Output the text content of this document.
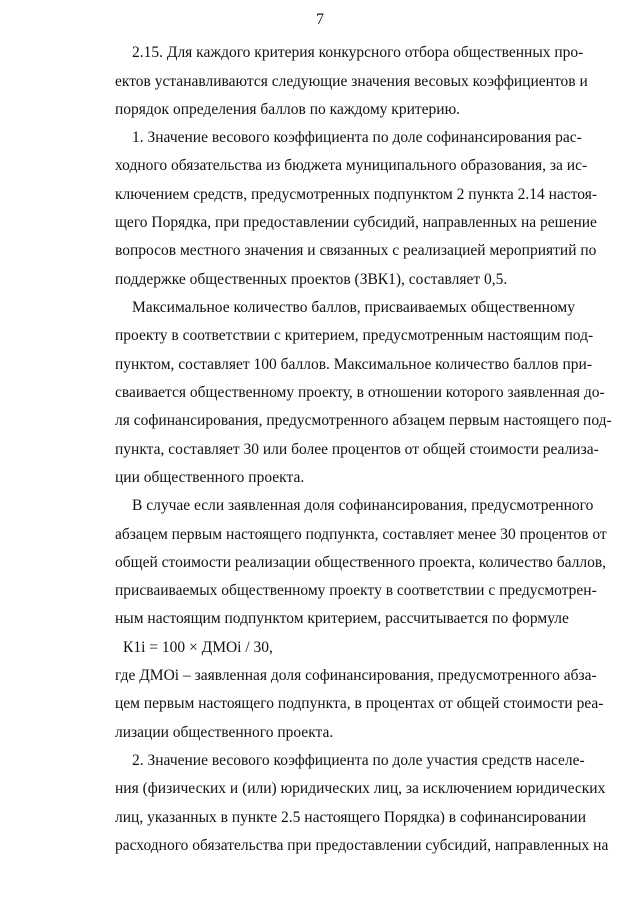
7
2.15. Для каждого критерия конкурсного отбора общественных про-
ектов устанавливаются следующие значения весовых коэффициентов и
порядок определения баллов по каждому критерию.
1. Значение весового коэффициента по доле софинансирования рас-
ходного обязательства из бюджета муниципального образования, за ис-
ключением средств, предусмотренных подпунктом 2 пункта 2.14 настоя-
щего Порядка, при предоставлении субсидий, направленных на решение
вопросов местного значения и связанных с реализацией мероприятий по
поддержке общественных проектов (ЗВК1), составляет 0,5.
Максимальное количество баллов, присваиваемых общественному
проекту в соответствии с критерием, предусмотренным настоящим под-
пунктом, составляет 100 баллов. Максимальное количество баллов при-
сваивается общественному проекту, в отношении которого заявленная до-
ля софинансирования, предусмотренного абзацем первым настоящего под-
пункта, составляет 30 или более процентов от общей стоимости реализа-
ции общественного проекта.
В случае если заявленная доля софинансирования, предусмотренного
абзацем первым настоящего подпункта, составляет менее 30 процентов от
общей стоимости реализации общественного проекта, количество баллов,
присваиваемых общественному проекту в соответствии с предусмотрен-
ным настоящим подпунктом критерием, рассчитывается по формуле
К1i = 100 × ДМОi / 30,
где ДМОi – заявленная доля софинансирования, предусмотренного абза-
цем первым настоящего подпункта, в процентах от общей стоимости реа-
лизации общественного проекта.
2. Значение весового коэффициента по доле участия средств населе-
ния (физических и (или) юридических лиц, за исключением юридических
лиц, указанных в пункте 2.5 настоящего Порядка) в софинансировании
расходного обязательства при предоставлении субсидий, направленных на
